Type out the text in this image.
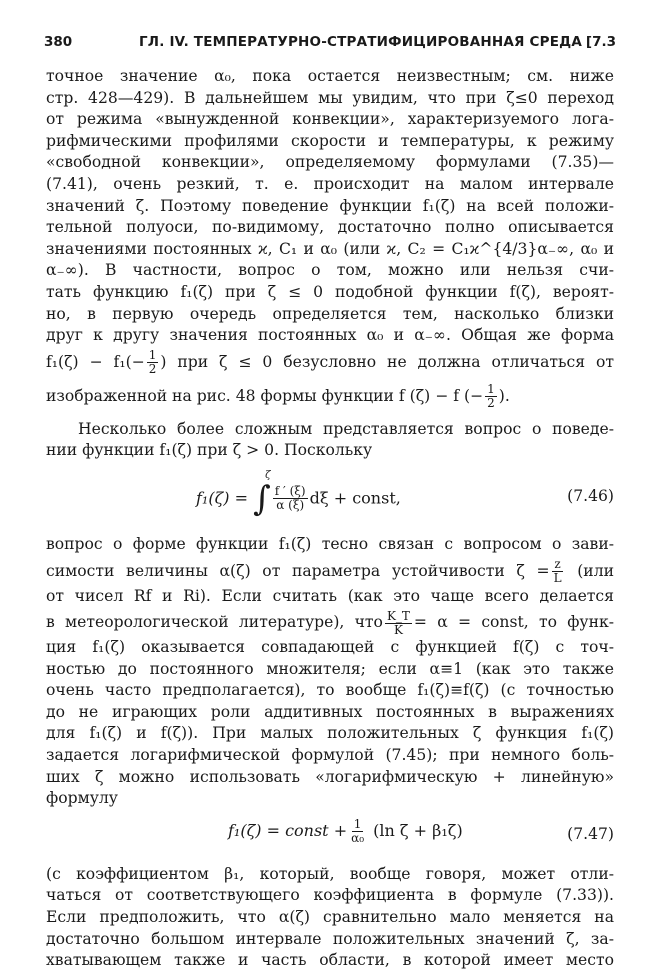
380	ГЛ. IV. ТЕМПЕРАТУРНО-СТРАТИФИЦИРОВАННАЯ СРЕДА [7.3
точное значение α₀, пока остается неизвестным; см. ниже
стр. 428—429). В дальнейшем мы увидим, что при ζ≤0 переход
от режима «вынужденной конвекции», характеризуемого лога-
рифмическими профилями скорости и температуры, к режиму
«свободной конвекции», определяемому формулами (7.35)—
(7.41), очень резкий, т. е. происходит на малом интервале
значений ζ. Поэтому поведение функции f₁(ζ) на всей положи-
тельной полуоси, по-видимому, достаточно полно описывается
значениями постоянных ϰ, C₁ и α₀ (или ϰ, C₂ = C₁ϰ^{4/3}α₋∞, α₀ и
α₋∞). В частности, вопрос о том, можно или нельзя счи-
тать функцию f₁(ζ) при ζ ≤ 0 подобной функции f(ζ), вероят-
но, в первую очередь определяется тем, насколько близки
друг к другу значения постоянных α₀ и α₋∞. Общая же форма
$f_1(\zeta) - f_1(- \frac{1}{2}$ ) при ζ ≤ 0 безусловно не должна отличаться от
изображенной на рис. 48 формы функции f (ζ) − f (− $\frac{1}{2}$ ).
Несколько более сложным представляется вопрос о поведе-
нии функции f₁(ζ) при ζ > 0. Поскольку
f₁(ζ) = ∫
ζ
$\frac{f ' (\xi)}{\alpha (\xi)}$ dξ + const,	(7.46)
вопрос о форме функции f₁(ζ) тесно связан с вопросом о зави-
симости величины α(ζ) от параметра устойчивости $\zeta = \frac{z}{L} (или$
от чисел Rf и Ri). Если считать (как это чаще всего делается
в метеорологической литературе), что $\frac{K\_T}{K} = \alpha$ = const, то функ-
ция f₁(ζ) оказывается совпадающей с функцией f(ζ) с точ-
ностью до постоянного множителя; если α≡1 (как это также
очень часто предполагается), то вообще f₁(ζ)≡f(ζ) (с точностью
до не играющих роли аддитивных постоянных в выражениях
для f₁(ζ) и f(ζ)). При малых положительных ζ функция f₁(ζ)
задается логарифмической формулой (7.45); при немного боль-
ших ζ можно использовать «логарифмическую + линейную»
формулу
f₁(ζ) = const + $\frac{1}{\text{α₀}} (\ln$ ζ + β₁ζ)	(7.47)
(с коэффициентом β₁, который, вообще говоря, может отли-
чаться от соответствующего коэффициента в формуле (7.33)).
Если предположить, что α(ζ) сравнительно мало меняется на
достаточно большом интервале положительных значений ζ, за-
хватывающем также и часть области, в которой имеет место
